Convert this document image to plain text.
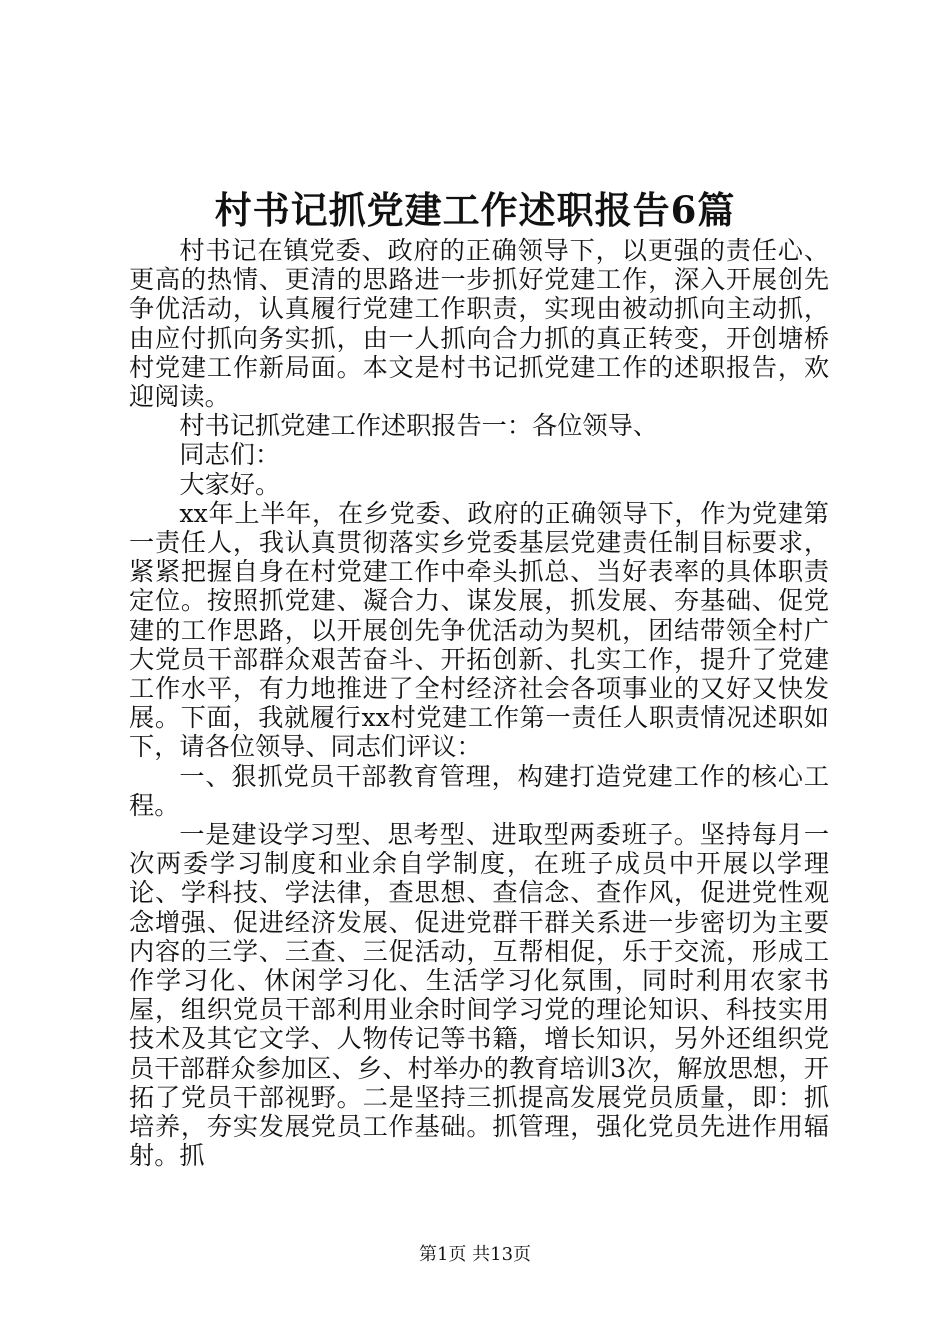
村书记抓党建工作述职报告6篇

村书记在镇党委、政府的正确领导下，以更强的责任心、更高的热情、更清的思路进一步抓好党建工作，深入开展创先争优活动，认真履行党建工作职责，实现由被动抓向主动抓，由应付抓向务实抓，由一人抓向合力抓的真正转变，开创塘桥村党建工作新局面。本文是村书记抓党建工作的述职报告，欢迎阅读。

村书记抓党建工作述职报告一：各位领导、

同志们：

大家好。

xx年上半年，在乡党委、政府的正确领导下，作为党建第一责任人，我认真贯彻落实乡党委基层党建责任制目标要求，紧紧把握自身在村党建工作中牵头抓总、当好表率的具体职责定位。按照抓党建、凝合力、谋发展，抓发展、夯基础、促党建的工作思路，以开展创先争优活动为契机，团结带领全村广大党员干部群众艰苦奋斗、开拓创新、扎实工作，提升了党建工作水平，有力地推进了全村经济社会各项事业的又好又快发展。下面，我就履行xx村党建工作第一责任人职责情况述职如下，请各位领导、同志们评议：

一、狠抓党员干部教育管理，构建打造党建工作的核心工程。

一是建设学习型、思考型、进取型两委班子。坚持每月一次两委学习制度和业余自学制度，在班子成员中开展以学理论、学科技、学法律，查思想、查信念、查作风，促进党性观念增强、促进经济发展、促进党群干群关系进一步密切为主要内容的三学、三查、三促活动，互帮相促，乐于交流，形成工作学习化、休闲学习化、生活学习化氛围，同时利用农家书屋，组织党员干部利用业余时间学习党的理论知识、科技实用技术及其它文学、人物传记等书籍，增长知识，另外还组织党员干部群众参加区、乡、村举办的教育培训3次，解放思想，开拓了党员干部视野。二是坚持三抓提高发展党员质量，即：抓培养，夯实发展党员工作基础。抓管理，强化党员先进作用辐射。抓

第1页 共13页
